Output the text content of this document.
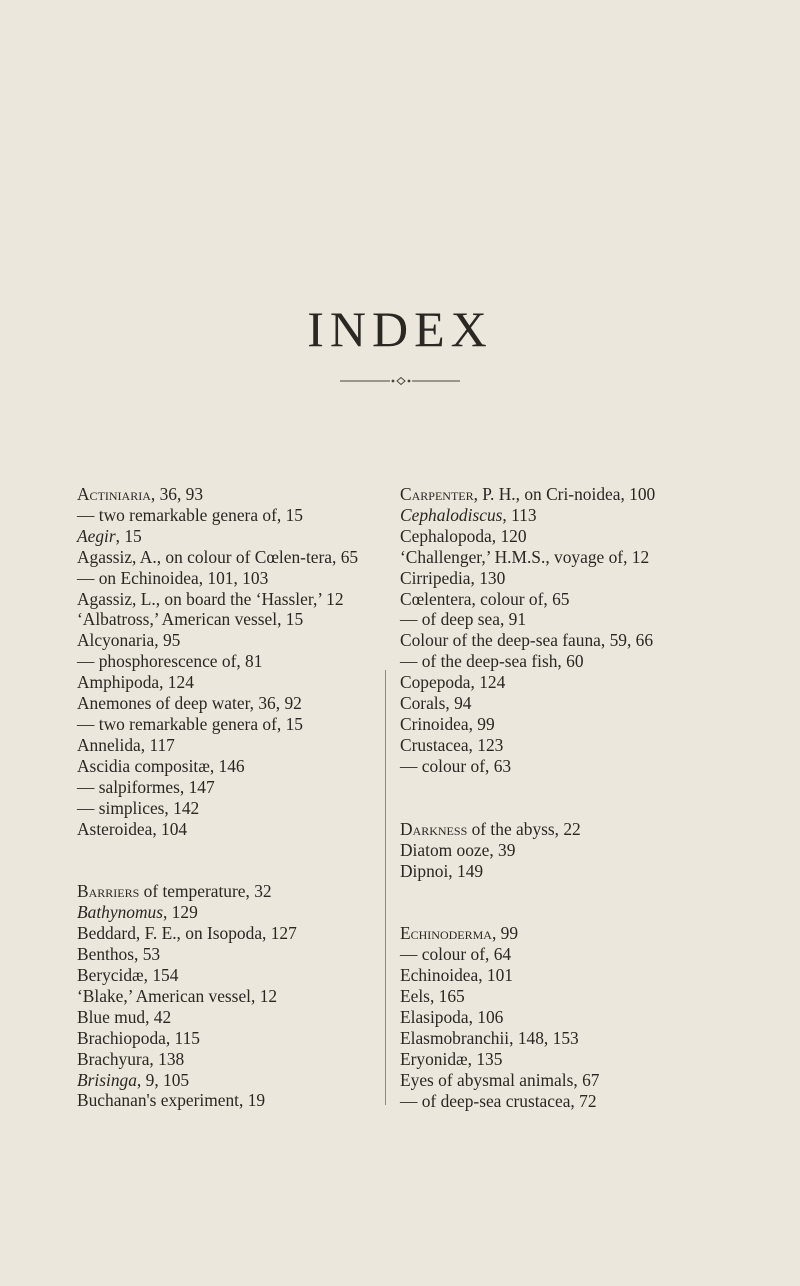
INDEX
Actiniaria, 36, 93
— two remarkable genera of, 15
Aegir, 15
Agassiz, A., on colour of Cœlen-tera, 65
— on Echinoidea, 101, 103
Agassiz, L., on board the ‘Hassler,’ 12
‘Albatross,’ American vessel, 15
Alcyonaria, 95
— phosphorescence of, 81
Amphipoda, 124
Anemones of deep water, 36, 92
— two remarkable genera of, 15
Annelida, 117
Ascidia compositæ, 146
— salpiformes, 147
— simplices, 142
Asteroidea, 104
Barriers of temperature, 32
Bathynomus, 129
Beddard, F. E., on Isopoda, 127
Benthos, 53
Berycidæ, 154
‘Blake,’ American vessel, 12
Blue mud, 42
Brachiopoda, 115
Brachyura, 138
Brisinga, 9, 105
Buchanan's experiment, 19
Carpenter, P. H., on Cri-noidea, 100
Cephalodiscus, 113
Cephalopoda, 120
‘Challenger,’ H.M.S., voyage of, 12
Cirripedia, 130
Cœlentera, colour of, 65
— of deep sea, 91
Colour of the deep-sea fauna, 59, 66
— of the deep-sea fish, 60
Copepoda, 124
Corals, 94
Crinoidea, 99
Crustacea, 123
— colour of, 63
Darkness of the abyss, 22
Diatom ooze, 39
Dipnoi, 149
Echinoderma, 99
— colour of, 64
Echinoidea, 101
Eels, 165
Elasipoda, 106
Elasmobranchii, 148, 153
Eryonidæ, 135
Eyes of abysmal animals, 67
— of deep-sea crustacea, 72
